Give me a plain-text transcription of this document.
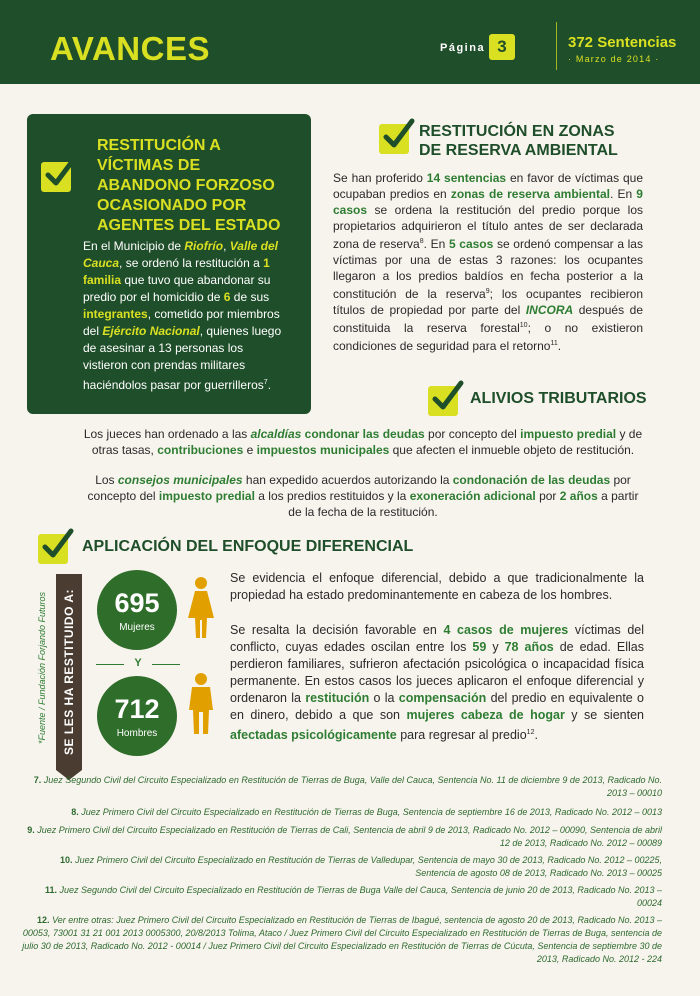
AVANCES	Página 3	372 Sentencias
· Marzo de 2014 ·
RESTITUCIÓN A VÍCTIMAS DE ABANDONO FORZOSO OCASIONADO POR AGENTES DEL ESTADO
En el Municipio de Riofrío, Valle del Cauca, se ordenó la restitución a 1 familia que tuvo que abandonar su predio por el homicidio de 6 de sus integrantes, cometido por miembros del Ejército Nacional, quienes luego de asesinar a 13 personas los vistieron con prendas militares haciéndolos pasar por guerrilleros$^7$.
RESTITUCIÓN EN ZONAS
DE RESERVA AMBIENTAL
Se han proferido 14 sentencias en favor de víctimas que ocupaban predios en zonas de reserva ambiental. En 9 casos se ordena la restitución del predio porque los propietarios adquirieron el título antes de ser declarada zona de reserva$^8$. En 5 casos se ordenó compensar a las víctimas por una de estas 3 razones: los ocupantes llegaron a los predios baldíos en fecha posterior a la constitución de la reserva$^9$; los ocupantes recibieron títulos de propiedad por parte del INCORA después de constituida la reserva forestal$^{10}$; o no existieron condiciones de seguridad para el retorno$^{11}$.
ALIVIOS TRIBUTARIOS
Los jueces han ordenado a las alcaldías condonar las deudas por concepto del impuesto predial y de otras tasas, contribuciones e impuestos municipales que afecten el inmueble objeto de restitución.
Los consejos municipales han expedido acuerdos autorizando la condonación de las deudas por concepto del impuesto predial a los predios restituidos y la exoneración adicional por 2 años a partir de la fecha de la restitución.
APLICACIÓN DEL ENFOQUE DIFERENCIAL
*Fuente / Fundación Forjando Futuros SE LES HA RESTITUIDO A:	695
Mujeres
Y
712
Hombres
Se evidencia el enfoque diferencial, debido a que tradicionalmente la propiedad ha estado predominantemente en cabeza de los hombres.
Se resalta la decisión favorable en 4 casos de mujeres víctimas del conflicto, cuyas edades oscilan entre los 59 y 78 años de edad. Ellas perdieron familiares, sufrieron afectación psicológica o incapacidad física permanente. En estos casos los jueces aplicaron el enfoque diferencial y ordenaron la restitución o la compensación del predio en equivalente o en dinero, debido a que son mujeres cabeza de hogar y se sienten afectadas psicológicamente para regresar al predio$^{12}$.
7. Juez Segundo Civil del Circuito Especializado en Restitución de Tierras de Buga, Valle del Cauca, Sentencia No. 11 de diciembre 9 de 2013, Radicado No. 2013 – 00010
8. Juez Primero Civil del Circuito Especializado en Restitución de Tierras de Buga, Sentencia de septiembre 16 de 2013, Radicado No. 2012 – 0013
9. Juez Primero Civil del Circuito Especializado en Restitución de Tierras de Cali, Sentencia de abril 9 de 2013, Radicado No. 2012 – 00090, Sentencia de abril 12 de 2013, Radicado No. 2012 – 00089
10. Juez Primero Civil del Circuito Especializado en Restitución de Tierras de Valledupar, Sentencia de mayo 30 de 2013, Radicado No. 2012 – 00225, Sentencia de agosto 08 de 2013, Radicado No. 2013 – 00025
11. Juez Segundo Civil del Circuito Especializado en Restitución de Tierras de Buga Valle del Cauca, Sentencia de junio 20 de 2013, Radicado No. 2013 – 00024
12. Ver entre otras: Juez Primero Civil del Circuito Especializado en Restitución de Tierras de Ibagué, sentencia de agosto 20 de 2013, Radicado No. 2013 – 00053, 73001 31 21 001 2013 0005300, 20/8/2013 Tolima, Ataco / Juez Primero Civil del Circuito Especializado en Restitución de Tierras de Buga, sentencia de julio 30 de 2013, Radicado No. 2012 - 00014 / Juez Primero Civil del Circuito Especializado en Restitución de Tierras de Cúcuta, Sentencia de septiembre 30 de 2013, Radicado No. 2012 - 224
